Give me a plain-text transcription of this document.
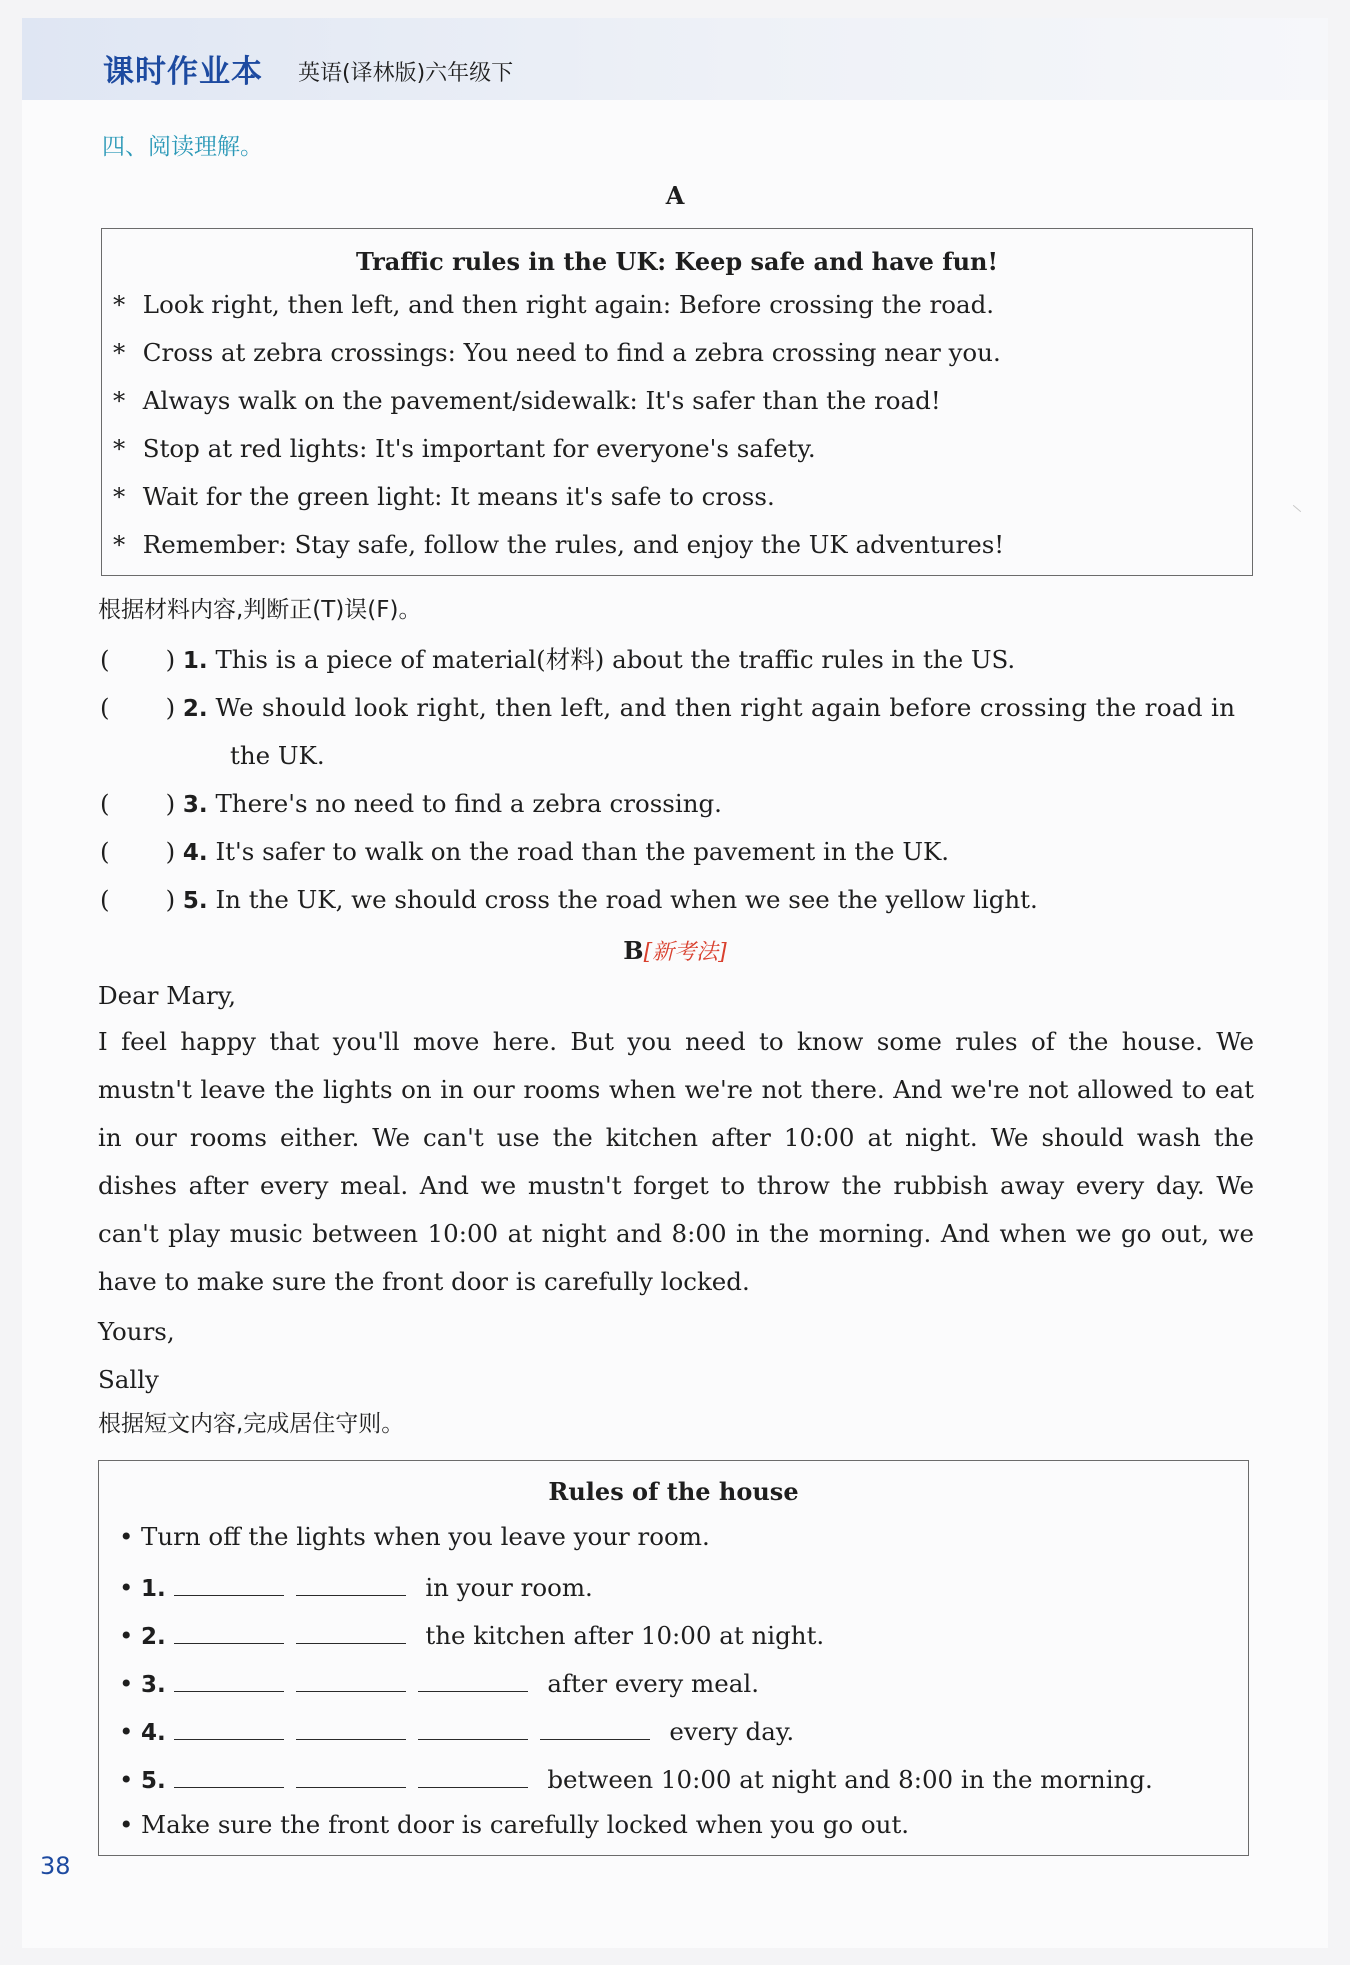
课时作业本 英语(译林版)六年级下
四、阅读理解。
A
Traffic rules in the UK: Keep safe and have fun!
* Look right, then left, and then right again: Before crossing the road.
* Cross at zebra crossings: You need to find a zebra crossing near you.
* Always walk on the pavement/sidewalk: It's safer than the road!
* Stop at red lights: It's important for everyone's safety.
* Wait for the green light: It means it's safe to cross.
* Remember: Stay safe, follow the rules, and enjoy the UK adventures!
根据材料内容,判断正(T)误(F)。
( ) 1. This is a piece of material(材料) about the traffic rules in the US.
( ) 2. We should look right, then left, and then right again before crossing the road in
the UK.
( ) 3. There's no need to find a zebra crossing.
( ) 4. It's safer to walk on the road than the pavement in the UK.
( ) 5. In the UK, we should cross the road when we see the yellow light.
B[新考法]
Dear Mary,
I feel happy that you'll move here. But you need to know some rules of the house. We mustn't leave the lights on in our rooms when we're not there. And we're not allowed to eat in our rooms either. We can't use the kitchen after 10:00 at night. We should wash the dishes after every meal. And we mustn't forget to throw the rubbish away every day. We can't play music between 10:00 at night and 8:00 in the morning. And when we go out, we have to make sure the front door is carefully locked.
Yours,
Sally
根据短文内容,完成居住守则。
Rules of the house
• Turn off the lights when you leave your room.
• 1.	in your room.
• 2.	the kitchen after 10:00 at night.
• 3.	after every meal.
• 4.	every day.
• 5.	between 10:00 at night and 8:00 in the morning.
• Make sure the front door is carefully locked when you go out.
38
